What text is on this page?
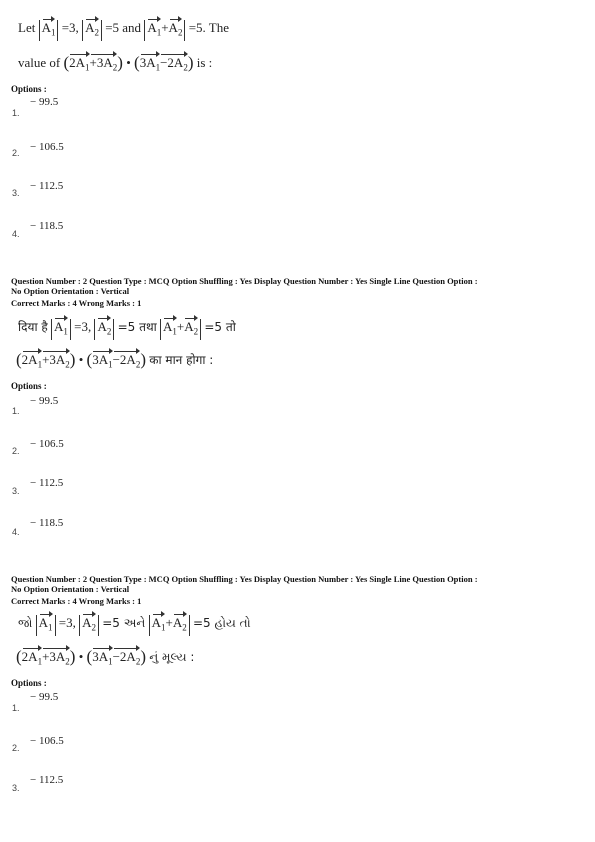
Let $A_1 =3$, $A_2 =5$ and $A_1+A_2 =5$. The
value of $(2A_1+3A_2)$ • $(3A_1-2A_2)$ is :
Options :
− 99.5
1.
− 106.5
2.
− 112.5
3.
− 118.5
4.
Question Number : 2 Question Type : MCQ Option Shuffling : Yes Display Question Number : Yes Single Line Question Option :
No Option Orientation : Vertical
Correct Marks : 4 Wrong Marks : 1
दिया है $A_1 =3$, $A_2 =5$ तथा $A_1+A_2 =5$ तो
$(2A_1+3A_2)$ • $(3A_1-2A_2)$ का मान होगा :
Options :
− 99.5
1.
− 106.5
2.
− 112.5
3.
− 118.5
4.
Question Number : 2 Question Type : MCQ Option Shuffling : Yes Display Question Number : Yes Single Line Question Option :
No Option Orientation : Vertical
Correct Marks : 4 Wrong Marks : 1
જો $A_1 =3$, $A_2 =5$ અને $A_1+A_2 =5$ હોય તો
$(2A_1+3A_2)$ • $(3A_1-2A_2)$ નું મૂલ્ય :
Options :
− 99.5
1.
− 106.5
2.
− 112.5
3.
